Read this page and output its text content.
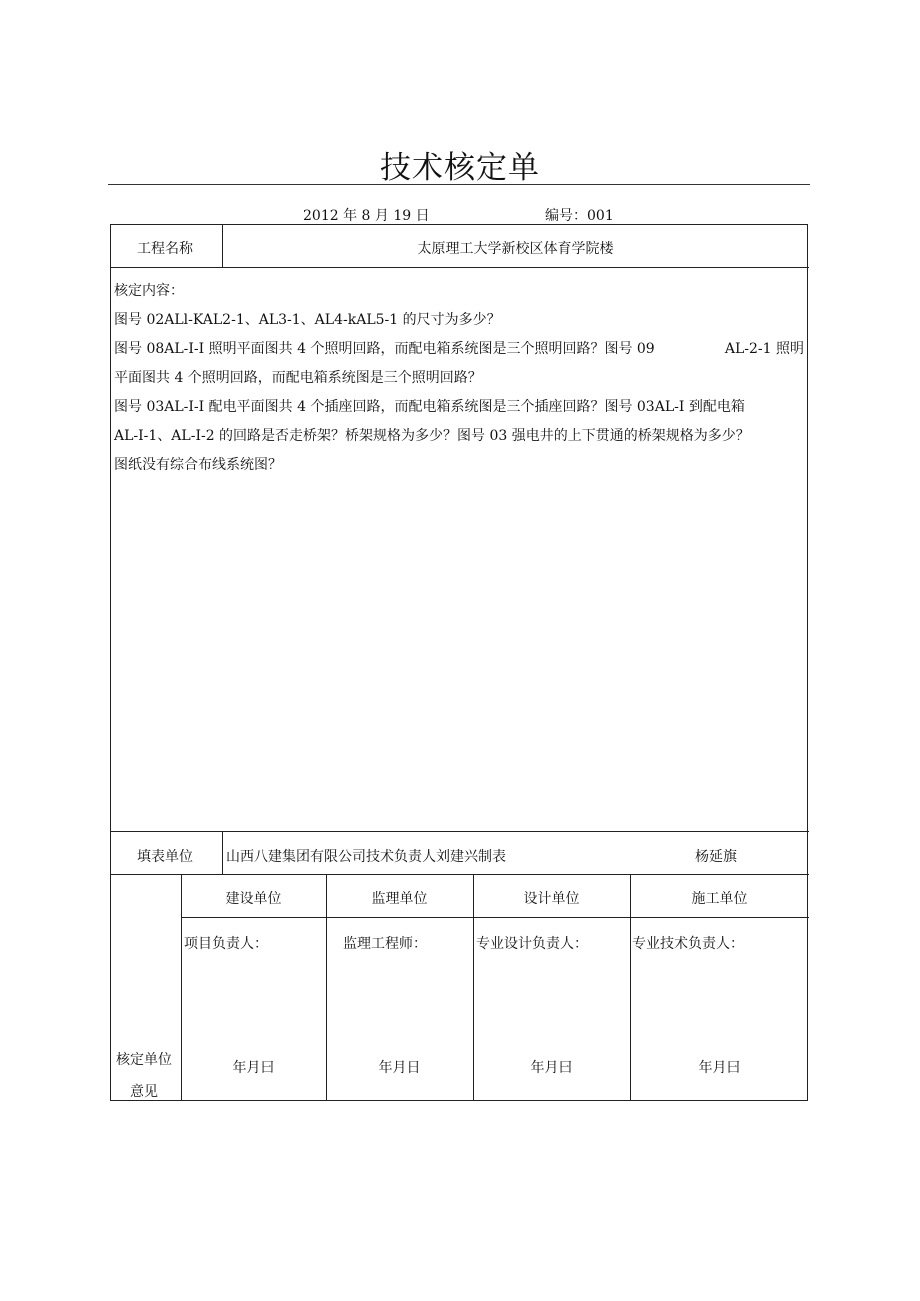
技术核定单
2012 年 8 月 19 日	编号：001
工程名称	太原理工大学新校区体育学院楼
核定内容：
图号 02ALl-KAL2-1、AL3-1、AL4-kAL5-1 的尺寸为多少？
图号 08AL-I-I 照明平面图共 4 个照明回路，而配电箱系统图是三个照明回路？图号 09	AL-2-1 照明
平面图共 4 个照明回路，而配电箱系统图是三个照明回路？
图号 03AL-I-I 配电平面图共 4 个插座回路，而配电箱系统图是三个插座回路？图号 03AL-I 到配电箱
AL-I-1、AL-I-2 的回路是否走桥架？桥架规格为多少？图号 03 强电井的上下贯通的桥架规格为多少？
图纸没有综合布线系统图？
填表单位 山西八建集团有限公司技术负责人刘建兴制表	杨延旗
核定单位
意见
建设单位	监理单位	设计单位	施工单位
项目负责人：	监理工程师：	专业设计负责人：	专业技术负责人：
年月曰	年月日	年月曰	年月曰
